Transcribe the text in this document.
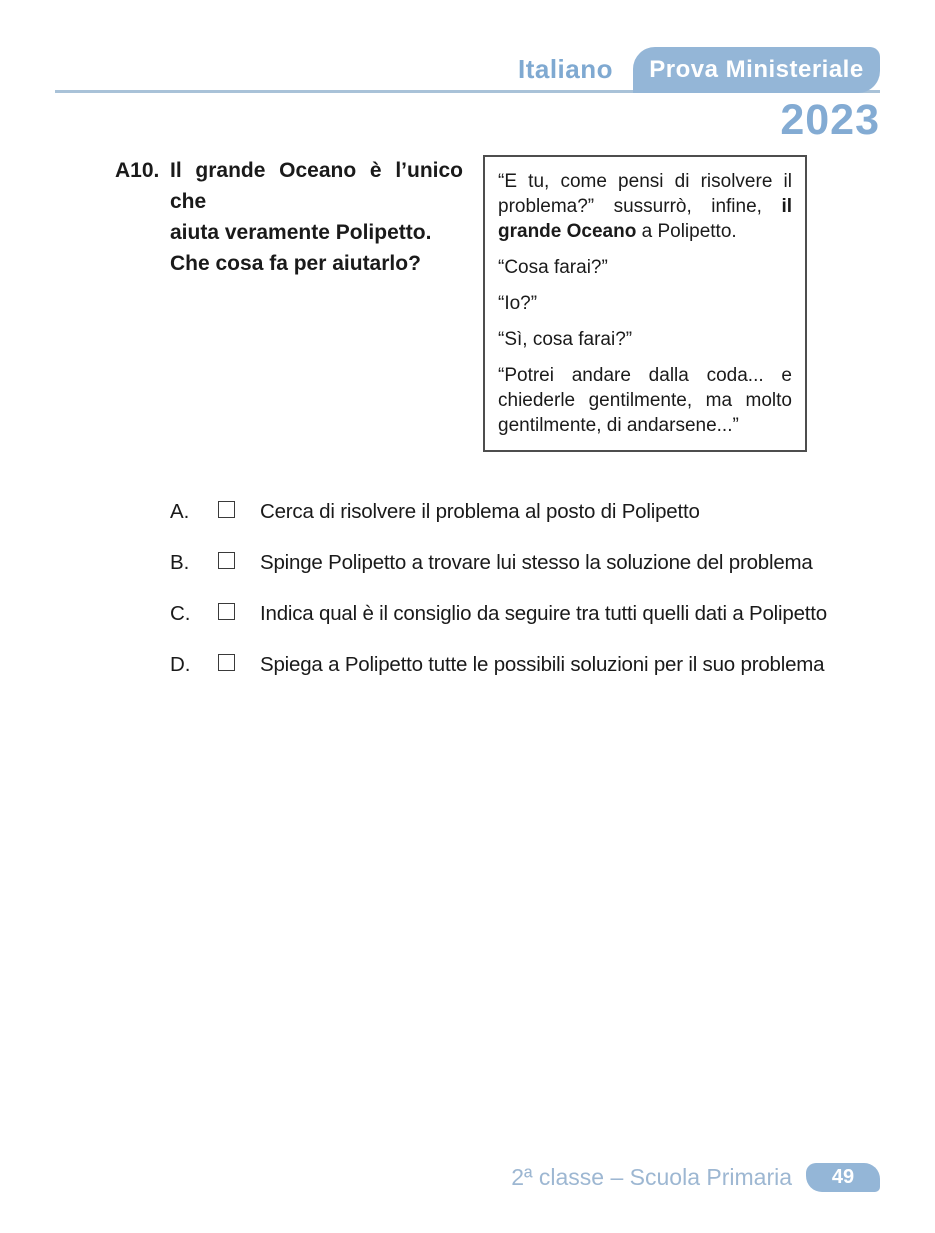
Italiano	Prova Ministeriale
2023
A10. Il grande Oceano è l’unico che
aiuta veramente Polipetto.
Che cosa fa per aiutarlo?

“E tu, come pensi di risolvere il problema?” sussurrò, infine, il grande Oceano a Polipetto.

“Cosa farai?”

“Io?”

“Sì, cosa farai?”

“Potrei andare dalla coda... e chiederle gentilmente, ma molto gentilmente, di andarsene...”

A.	Cerca di risolvere il problema al posto di Polipetto
B.	Spinge Polipetto a trovare lui stesso la soluzione del problema
C.	Indica qual è il consiglio da seguire tra tutti quelli dati a Polipetto
D.	Spiega a Polipetto tutte le possibili soluzioni per il suo problema
2ª classe – Scuola Primaria	49
